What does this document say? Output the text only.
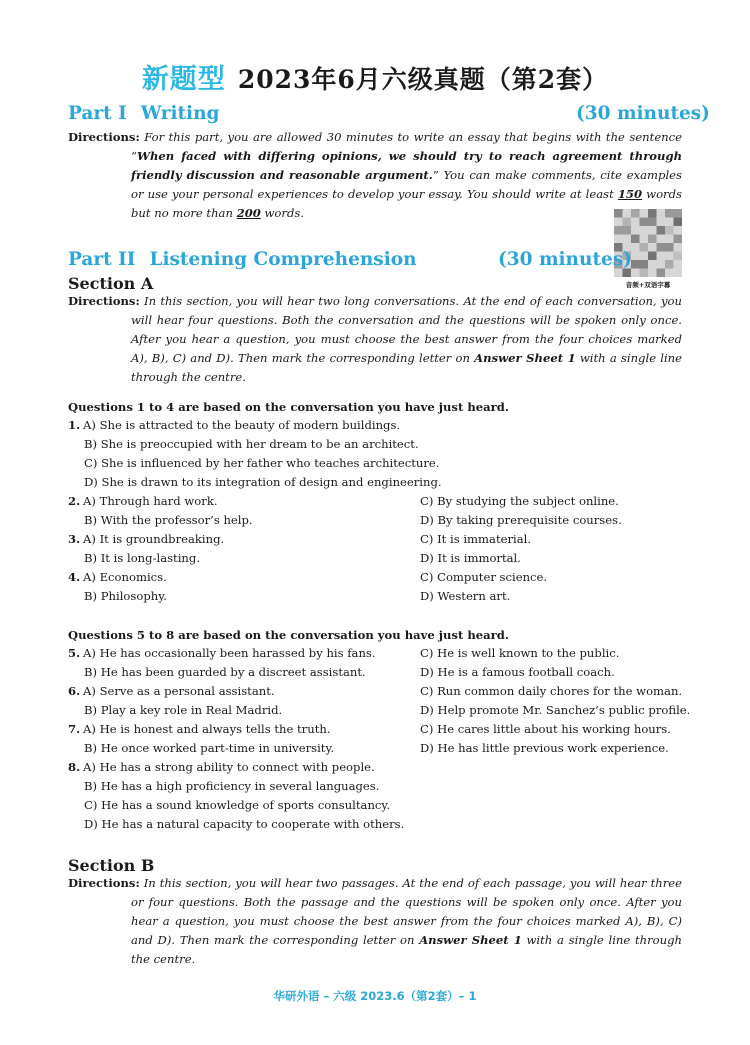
新题型 2023年6月六级真题（第2套）
Part I Writing	(30 minutes)
Directions: For this part, you are allowed 30 minutes to write an essay that begins with the sentence “When faced with differing opinions, we should try to reach agreement through friendly discussion and reasonable argument.” You can make comments, cite examples or use your personal experiences to develop your essay. You should write at least 150 words but no more than 200 words.
音频+双语字幕
Part II Listening Comprehension	(30 minutes)
Section A
Directions: In this section, you will hear two long conversations. At the end of each conversation, you will hear four questions. Both the conversation and the questions will be spoken only once. After you hear a question, you must choose the best answer from the four choices marked A), B), C) and D). Then mark the corresponding letter on Answer Sheet 1 with a single line through the centre.
Questions 1 to 4 are based on the conversation you have just heard.
1. A) She is attracted to the beauty of modern buildings.
B) She is preoccupied with her dream to be an architect.
C) She is influenced by her father who teaches architecture.
D) She is drawn to its integration of design and engineering.
2. A) Through hard work.	C) By studying the subject online.
B) With the professor’s help.	D) By taking prerequisite courses.
3. A) It is groundbreaking.	C) It is immaterial.
B) It is long-lasting.	D) It is immortal.
4. A) Economics.	C) Computer science.
B) Philosophy.	D) Western art.
Questions 5 to 8 are based on the conversation you have just heard.
5. A) He has occasionally been harassed by his fans.	C) He is well known to the public.
B) He has been guarded by a discreet assistant.	D) He is a famous football coach.
6. A) Serve as a personal assistant.	C) Run common daily chores for the woman.
B) Play a key role in Real Madrid.	D) Help promote Mr. Sanchez’s public profile.
7. A) He is honest and always tells the truth.	C) He cares little about his working hours.
B) He once worked part-time in university.	D) He has little previous work experience.
8. A) He has a strong ability to connect with people.
B) He has a high proficiency in several languages.
C) He has a sound knowledge of sports consultancy.
D) He has a natural capacity to cooperate with others.
Section B
Directions: In this section, you will hear two passages. At the end of each passage, you will hear three or four questions. Both the passage and the questions will be spoken only once. After you hear a question, you must choose the best answer from the four choices marked A), B), C) and D). Then mark the corresponding letter on Answer Sheet 1 with a single line through the centre.
华研外语 – 六级 2023.6（第2套）– 1
